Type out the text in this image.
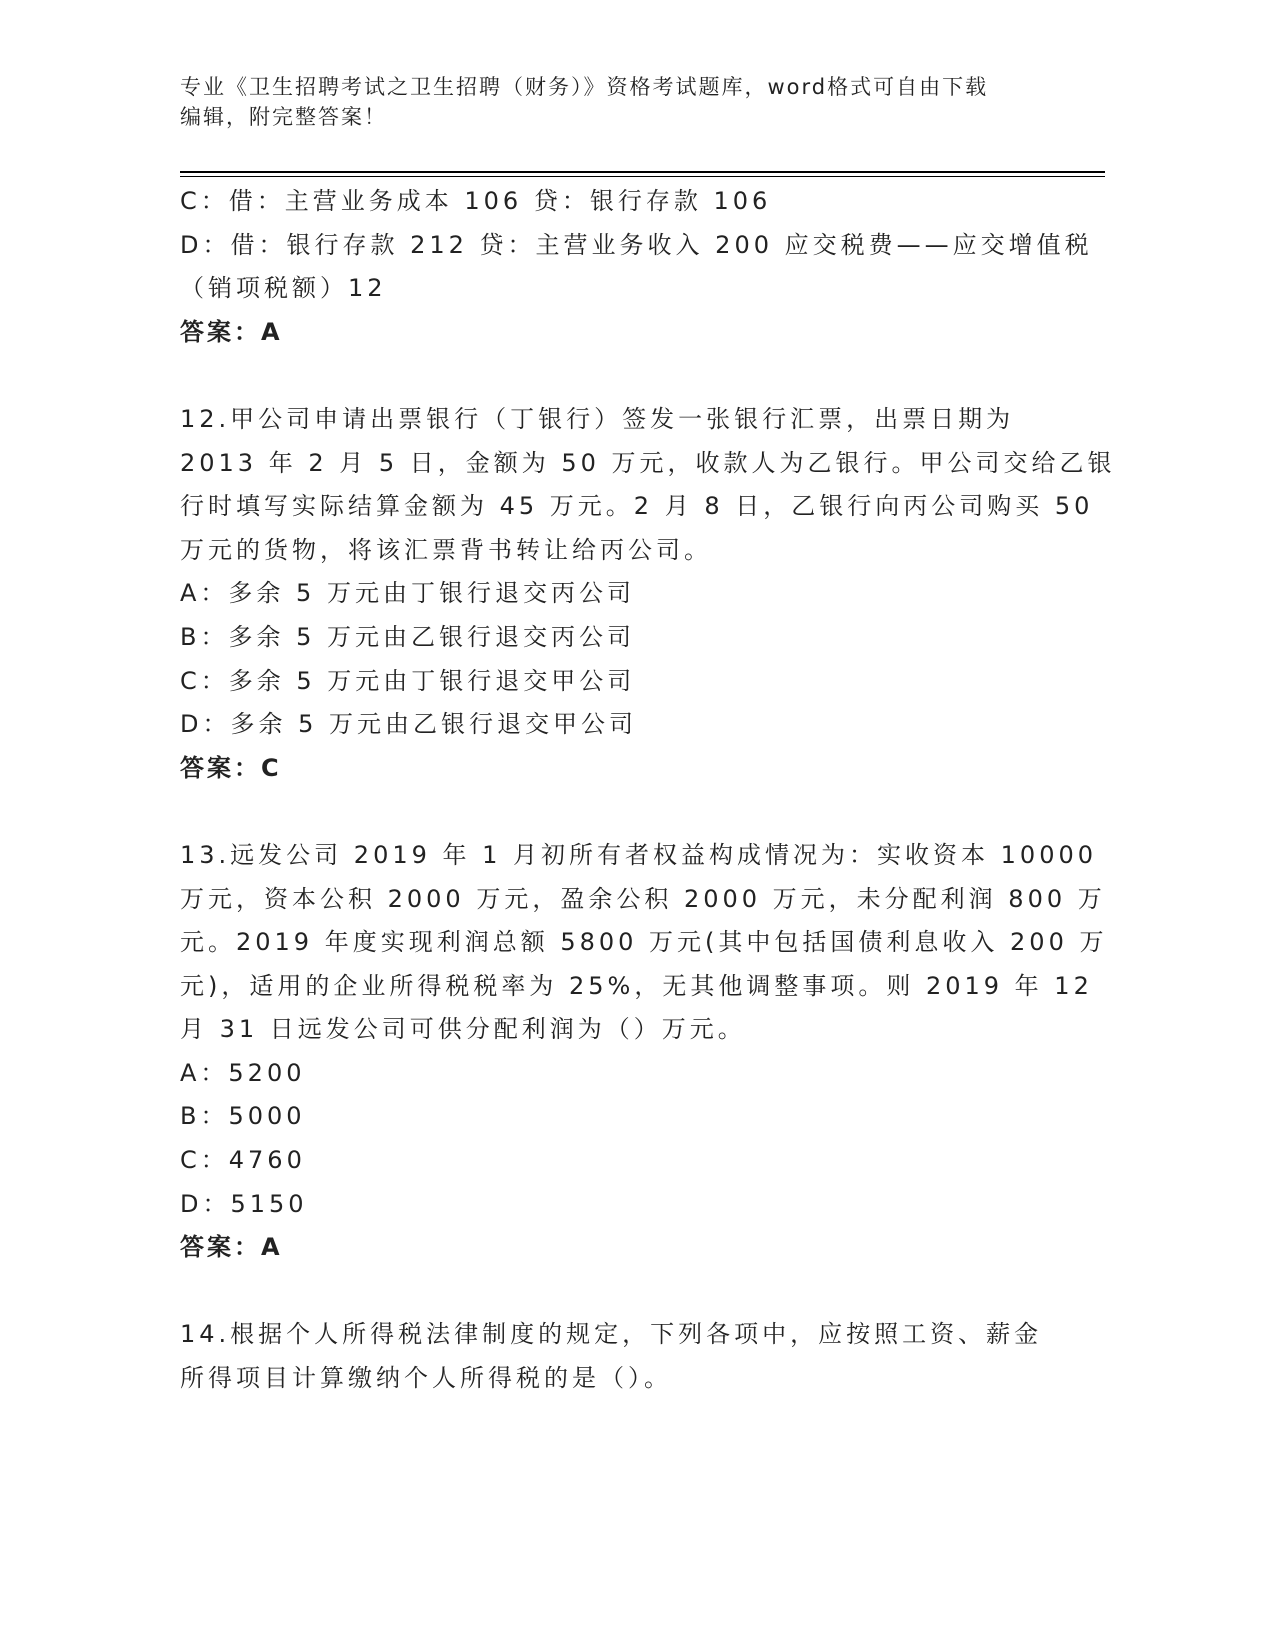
专业《卫生招聘考试之卫生招聘（财务）》资格考试题库，word格式可自由下载
编辑，附完整答案！
C：借：主营业务成本 106 贷：银行存款 106
D：借：银行存款 212 贷：主营业务收入 200 应交税费——应交增值税
（销项税额）12
答案：A
12.甲公司申请出票银行（丁银行）签发一张银行汇票，出票日期为
2013 年 2 月 5 日，金额为 50 万元，收款人为乙银行。甲公司交给乙银
行时填写实际结算金额为 45 万元。2 月 8 日，乙银行向丙公司购买 50
万元的货物，将该汇票背书转让给丙公司。
A：多余 5 万元由丁银行退交丙公司
B：多余 5 万元由乙银行退交丙公司
C：多余 5 万元由丁银行退交甲公司
D：多余 5 万元由乙银行退交甲公司
答案：C
13.远发公司 2019 年 1 月初所有者权益构成情况为：实收资本 10000
万元，资本公积 2000 万元，盈余公积 2000 万元，未分配利润 800 万
元。2019 年度实现利润总额 5800 万元(其中包括国债利息收入 200 万
元)，适用的企业所得税税率为 25%，无其他调整事项。则 2019 年 12
月 31 日远发公司可供分配利润为（）万元。
A：5200
B：5000
C：4760
D：5150
答案：A
14.根据个人所得税法律制度的规定，下列各项中，应按照工资、薪金
所得项目计算缴纳个人所得税的是（）。
